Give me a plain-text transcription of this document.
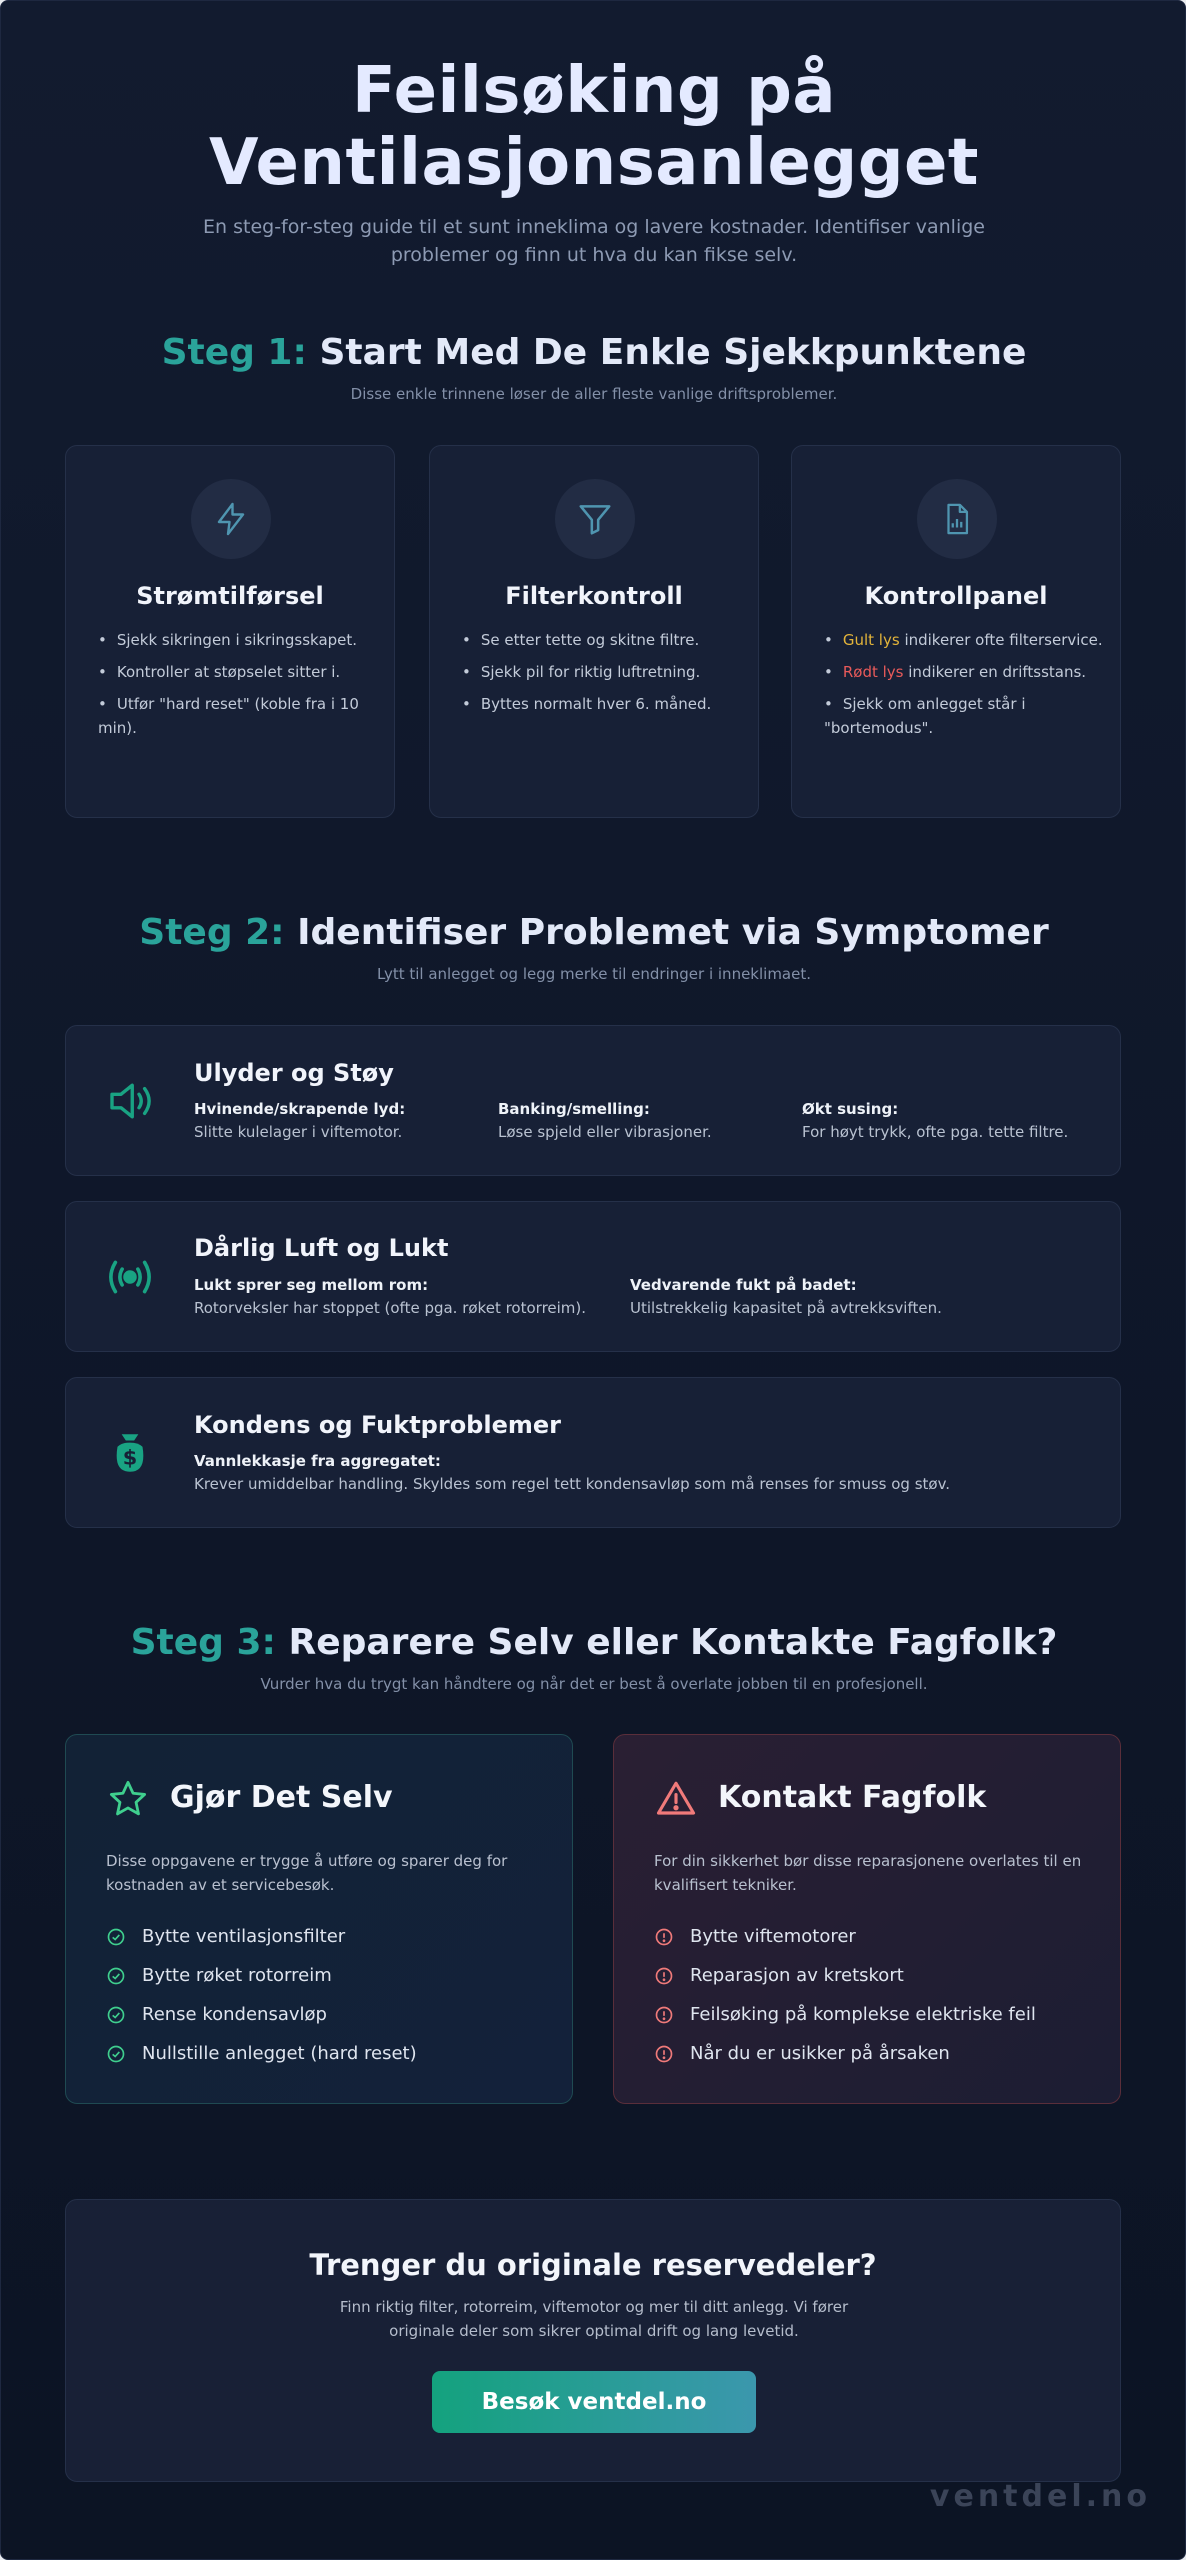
Feilsøking på
Ventilasjonsanlegget

En steg-for-steg guide til et sunt inneklima og lavere kostnader. Identifiser vanlige problemer og finn ut hva du kan fikse selv.

Steg 1: Start Med De Enkle Sjekkpunktene

Disse enkle trinnene løser de aller fleste vanlige driftsproblemer.

Strømtilførsel
• Sjekk sikringen i sikringsskapet.
• Kontroller at støpselet sitter i.
• Utfør "hard reset" (koble fra i 10 min).
Filterkontroll
• Se etter tette og skitne filtre.
• Sjekk pil for riktig luftretning.
• Byttes normalt hver 6. måned.
Kontrollpanel
• Gult lys indikerer ofte filterservice.
• Rødt lys indikerer en driftsstans.
• Sjekk om anlegget står i "bortemodus".
Steg 2: Identifiser Problemet via Symptomer

Lytt til anlegget og legg merke til endringer i inneklimaet.

Ulyder og Støy
Hvinende/skrapende lyd:
Slitte kulelager i viftemotor.
Banking/smelling:
Løse spjeld eller vibrasjoner.
Økt susing:
For høyt trykk, ofte pga. tette filtre.
Dårlig Luft og Lukt
Lukt sprer seg mellom rom:
Rotorveksler har stoppet (ofte pga. røket rotorreim).
Vedvarende fukt på badet:
Utilstrekkelig kapasitet på avtrekksviften.
$
Kondens og Fuktproblemer
Vannlekkasje fra aggregatet:
Krever umiddelbar handling. Skyldes som regel tett kondensavløp som må renses for smuss og støv.
Steg 3: Reparere Selv eller Kontakte Fagfolk?

Vurder hva du trygt kan håndtere og når det er best å overlate jobben til en profesjonell.

Gjør Det Selv

Disse oppgavene er trygge å utføre og sparer deg for kostnaden av et servicebesøk.

Bytte ventilasjonsfilter
Bytte røket rotorreim
Rense kondensavløp
Nullstille anlegget (hard reset)
Kontakt Fagfolk

For din sikkerhet bør disse reparasjonene overlates til en kvalifisert tekniker.

Bytte viftemotorer
Reparasjon av kretskort
Feilsøking på komplekse elektriske feil
Når du er usikker på årsaken
Trenger du originale reservedeler?

Finn riktig filter, rotorreim, viftemotor og mer til ditt anlegg. Vi fører originale deler som sikrer optimal drift og lang levetid.

Besøk ventdel.no
ventdel.no
